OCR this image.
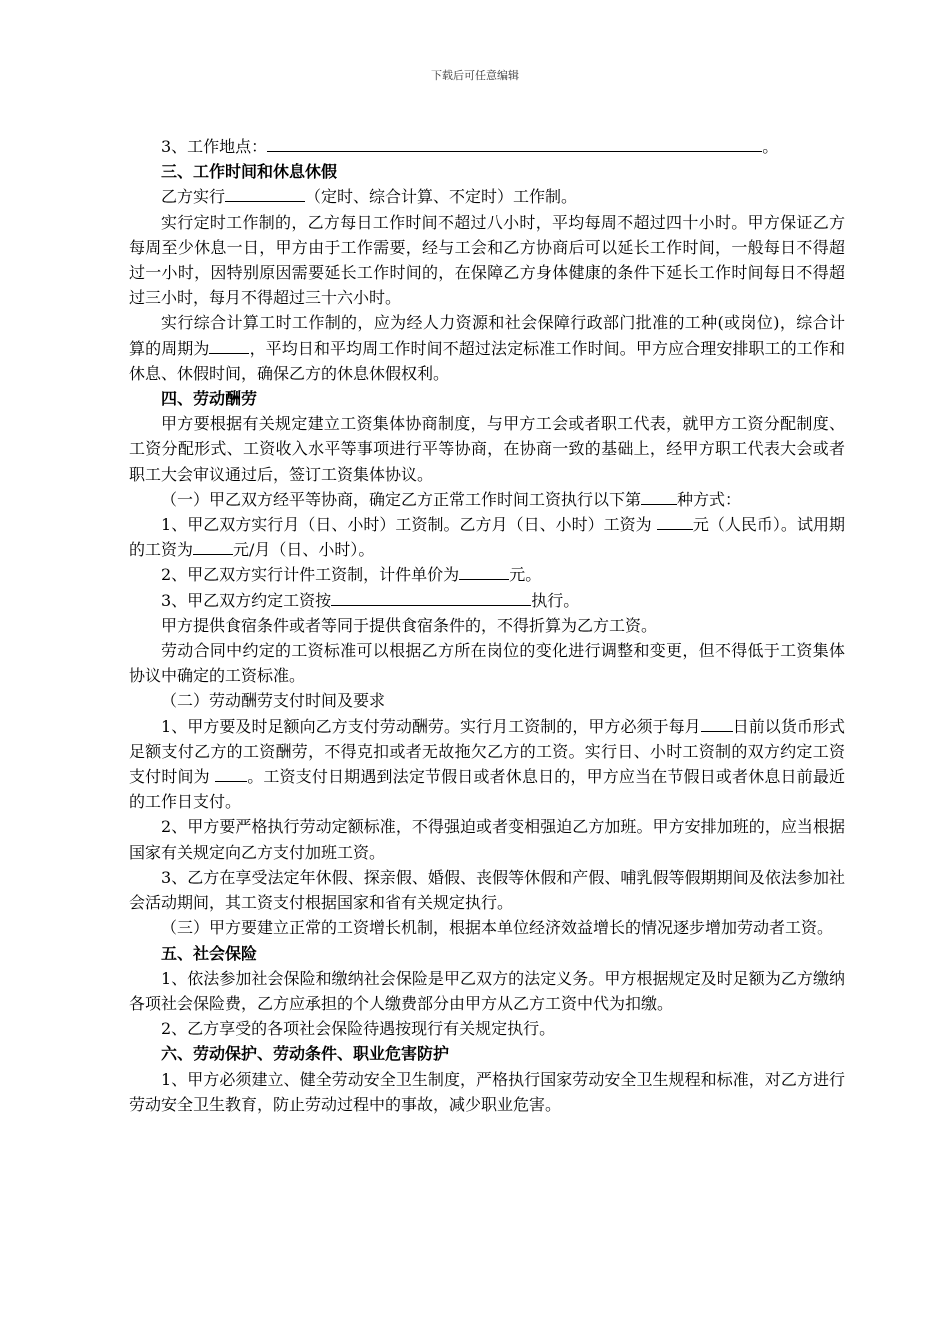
下载后可任意编辑

3、工作地点：	。

三、工作时间和休息休假

乙方实行	（定时、综合计算、不定时）工作制。

实行定时工作制的，乙方每日工作时间不超过八小时，平均每周不超过四十小时。甲方保证乙方每周至少休息一日，甲方由于工作需要，经与工会和乙方协商后可以延长工作时间，一般每日不得超过一小时，因特别原因需要延长工作时间的，在保障乙方身体健康的条件下延长工作时间每日不得超过三小时，每月不得超过三十六小时。

实行综合计算工时工作制的，应为经人力资源和社会保障行政部门批准的工种(或岗位)，综合计算的周期为	，平均日和平均周工作时间不超过法定标准工作时间。甲方应合理安排职工的工作和休息、休假时间，确保乙方的休息休假权利。

四、劳动酬劳

甲方要根据有关规定建立工资集体协商制度，与甲方工会或者职工代表，就甲方工资分配制度、工资分配形式、工资收入水平等事项进行平等协商，在协商一致的基础上，经甲方职工代表大会或者职工大会审议通过后，签订工资集体协议。

（一）甲乙双方经平等协商，确定乙方正常工作时间工资执行以下第 种方式：

1、甲乙双方实行月（日、小时）工资制。乙方月（日、小时）工资为 元（人民币）。试用期的工资为	元/月（日、小时）。

2、甲乙双方实行计件工资制，计件单价为	元。

3、甲乙双方约定工资按	执行。

甲方提供食宿条件或者等同于提供食宿条件的，不得折算为乙方工资。

劳动合同中约定的工资标准可以根据乙方所在岗位的变化进行调整和变更，但不得低于工资集体协议中确定的工资标准。

（二）劳动酬劳支付时间及要求

1、甲方要及时足额向乙方支付劳动酬劳。实行月工资制的，甲方必须于每月 日前以货币形式足额支付乙方的工资酬劳，不得克扣或者无故拖欠乙方的工资。实行日、小时工资制的双方约定工资支付时间为 。工资支付日期遇到法定节假日或者休息日的，甲方应当在节假日或者休息日前最近的工作日支付。

2、甲方要严格执行劳动定额标准，不得强迫或者变相强迫乙方加班。甲方安排加班的，应当根据国家有关规定向乙方支付加班工资。

3、乙方在享受法定年休假、探亲假、婚假、丧假等休假和产假、哺乳假等假期期间及依法参加社会活动期间，其工资支付根据国家和省有关规定执行。

（三）甲方要建立正常的工资增长机制，根据本单位经济效益增长的情况逐步增加劳动者工资。

五、社会保险

1、依法参加社会保险和缴纳社会保险是甲乙双方的法定义务。甲方根据规定及时足额为乙方缴纳各项社会保险费，乙方应承担的个人缴费部分由甲方从乙方工资中代为扣缴。

2、乙方享受的各项社会保险待遇按现行有关规定执行。

六、劳动保护、劳动条件、职业危害防护

1、甲方必须建立、健全劳动安全卫生制度，严格执行国家劳动安全卫生规程和标准，对乙方进行劳动安全卫生教育，防止劳动过程中的事故，减少职业危害。
